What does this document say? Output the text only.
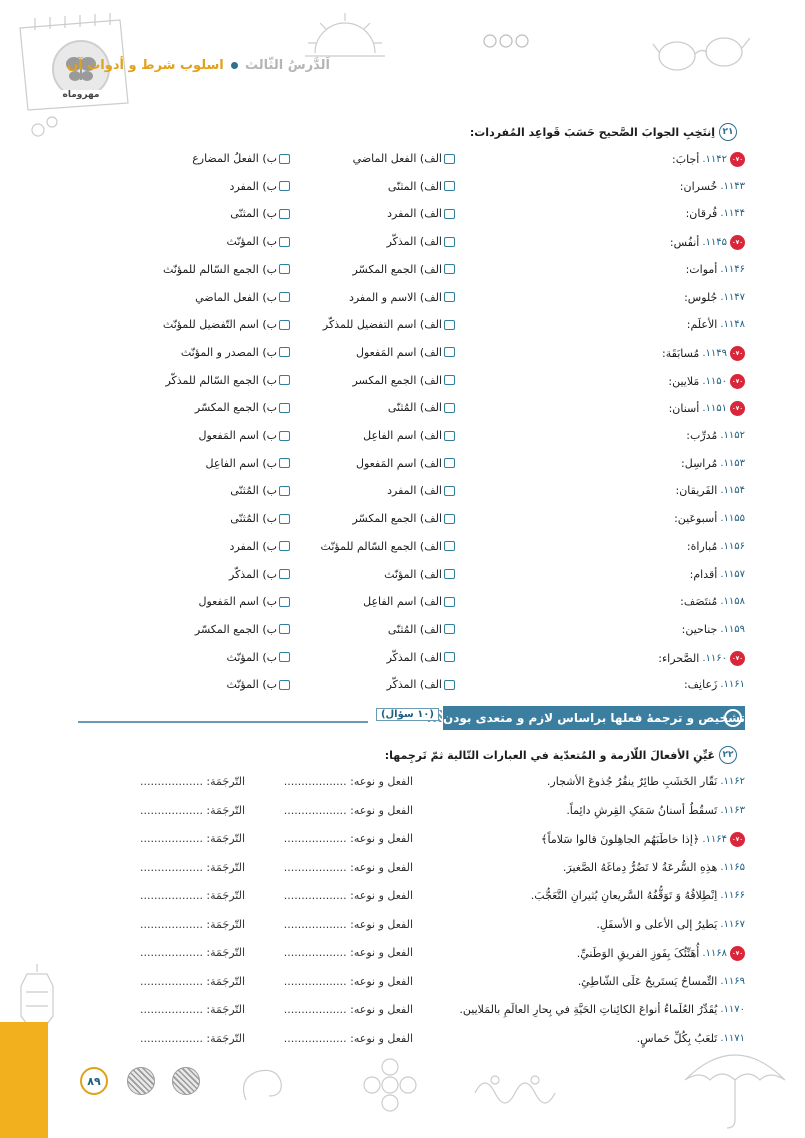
مهروماه
اَلدَّرسُ الثّالث  اسلوب شرط و أدوات آن
۲۱
اِنتَخِبِ الجوابَ الصَّحیح حَسَبَ قَواعِد المُفردات:
۰۷۰
۱۱۴۲.
أجابَ:
الف) الفعل الماضي
ب) الفعلُ المضارع
۱۱۴۳.
خُسران:
الف) المثنّی
ب) المفرد
۱۱۴۴.
فُرقان:
الف) المفرد
ب) المثنّی
۰۷۰
۱۱۴۵.
أنفُس:
الف) المذکّر
ب) المؤنّث
۱۱۴۶.
أموات:
الف) الجمع المکسّر
ب) الجمع السّالم للمؤنّث
۱۱۴۷.
جُلوس:
الف) الاسم و المفرد
ب) الفعل الماضي
۱۱۴۸.
الأعلَم:
الف) اسم التفضیل للمذکّر
ب) اسم التّفضیل للمؤنّث
۰۷۰
۱۱۴۹.
مُسابَقَة:
الف) اسم المَفعول
ب) المصدر و المؤنّث
۰۷۰
۱۱۵۰.
مَلایین:
الف) الجمع المکسر
ب) الجمع السّالم للمذکّر
۰۷۰
۱۱۵۱.
أسنان:
الف) المُثنّی
ب) الجمع المکسّر
۱۱۵۲.
مُدرِّب:
الف) اسم الفاعِل
ب) اسم المَفعول
۱۱۵۳.
مُراسِل:
الف) اسم المَفعول
ب) اسم الفاعِل
۱۱۵۴.
الفَریقان:
الف) المفرد
ب) المُثنّی
۱۱۵۵.
أسبوعَین:
الف) الجمع المکسّر
ب) المُثنّی
۱۱۵۶.
مُباراة:
الف) الجمع السّالم للمؤنّث
ب) المفرد
۱۱۵۷.
أقدام:
الف) المؤنّث
ب) المذکّر
۱۱۵۸.
مُنتَصَف:
الف) اسم الفاعِل
ب) اسم المَفعول
۱۱۵۹.
جناحین:
الف) المُثنّی
ب) الجمع المکسّر
۰۷۰
۱۱۶۰.
الصَّحراء:
الف) المذکّر
ب) المؤنّث
۱۱۶۱.
زَعانِف:
الف) المذکّر
ب) المؤنّث
(۱۰ سؤال) تشخیص و ترجمهٔ فعلها براساس لازم و متعدی بودن
۲۲
عَیِّنِ الأفعالَ اللّازمة و المُتعدّیة في العبارات التّالیة ثمّ تَرجِمها:
۱۱۶۲.
نَقّار الخَشَبِ طائِرٌ ینقُرُ جُذوعَ الأشجار.
الفعل و نوعه: ..................
التّرجَمَة: ..................
۱۱۶۳.
تَسقُطُ أسنانُ سَمَکِ القِرشِ دائِماً.
الفعل و نوعه: ..................
التّرجَمَة: ..................
۰۷۰
۱۱۶۴.
﴿إذا خاطَبَهُم الجاهِلونَ قالوا سَلاماً﴾
الفعل و نوعه: ..................
التّرجَمَة: ..................
۱۱۶۵.
هذِهِ السُّرعَةُ لا تَضُرُّ دِماغَهُ الصَّغیرَ.
الفعل و نوعه: ..................
التّرجَمَة: ..................
۱۱۶۶.
اِنْطِلاقُهُ وَ تَوَقُّفُهُ السَّریعانِ یُثیرانِ التَّعَجُّبَ.
الفعل و نوعه: ..................
التّرجَمَة: ..................
۱۱۶۷.
یَطیرُ إلی الأعلی و الأسفَلِ.
الفعل و نوعه: ..................
التّرجَمَة: ..................
۰۷۰
۱۱۶۸.
أُهَنِّئُکَ بِفَوزِ الفریقِ الوَطَنيِّ.
الفعل و نوعه: ..................
التّرجَمَة: ..................
۱۱۶۹.
التِّمساحُ یَستَریحُ عَلَی الشّاطِئِ.
الفعل و نوعه: ..................
التّرجَمَة: ..................
۱۱۷۰.
یُقَدِّرُ العُلَماءُ أنواعَ الکائِناتِ الحَیَّةِ في بِحارِ العالَمِ بالمَلایین.
الفعل و نوعه: ..................
التّرجَمَة: ..................
۱۱۷۱.
تَلعَبُ بِکُلِّ حَماسٍ.
الفعل و نوعه: ..................
التّرجَمَة: ..................
۸۹
